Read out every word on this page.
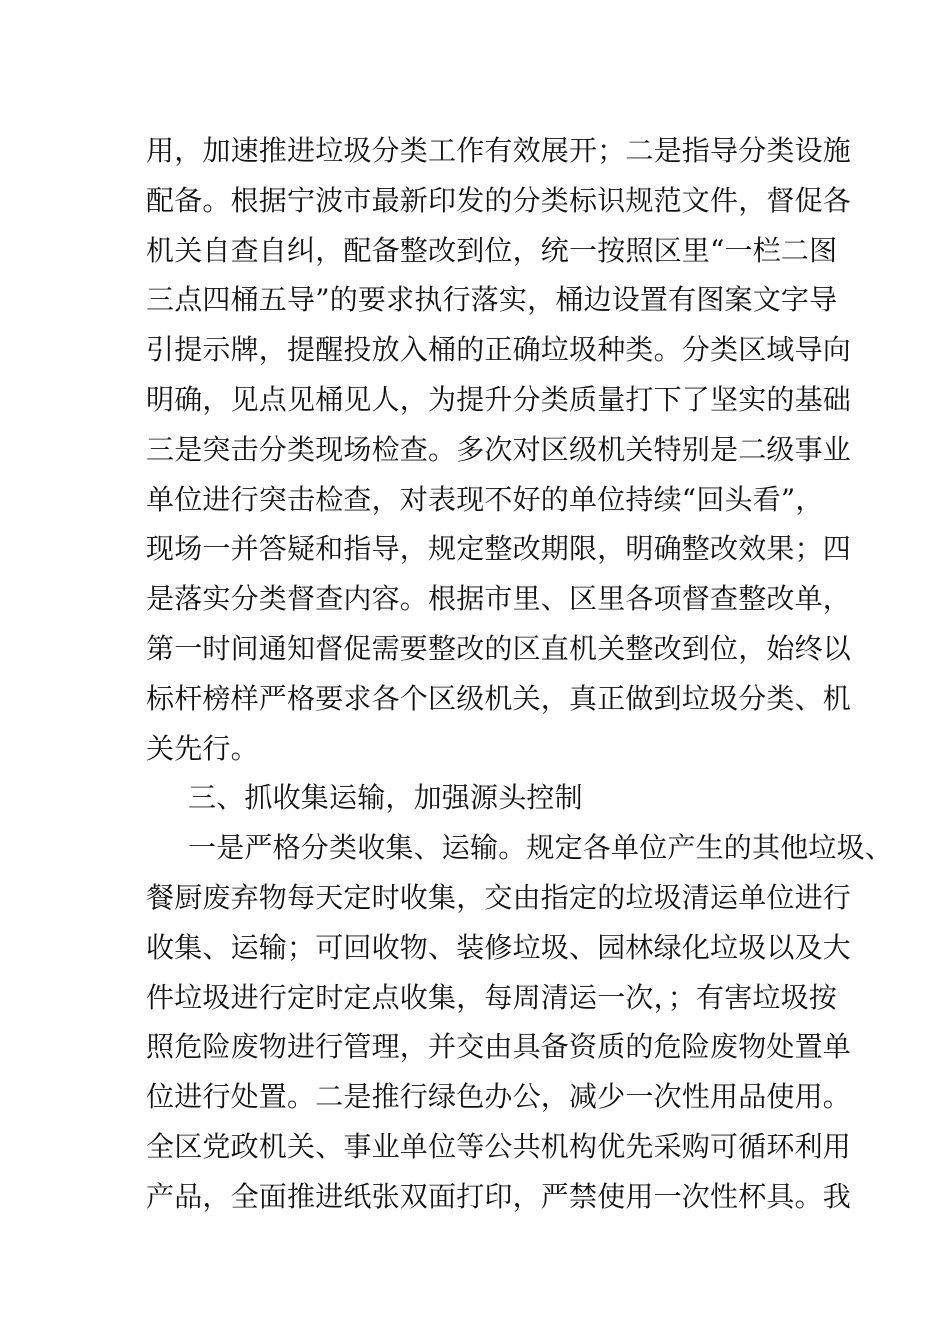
用，加速推进垃圾分类工作有效展开；二是指导分类设施
配备。根据宁波市最新印发的分类标识规范文件，督促各
机关自查自纠，配备整改到位，统一按照区里“一栏二图
三点四桶五导”的要求执行落实，桶边设置有图案文字导
引提示牌，提醒投放入桶的正确垃圾种类。分类区域导向
明确，见点见桶见人，为提升分类质量打下了坚实的基础
三是突击分类现场检查。多次对区级机关特别是二级事业
单位进行突击检查，对表现不好的单位持续“回头看”，
现场一并答疑和指导，规定整改期限，明确整改效果；四
是落实分类督查内容。根据市里、区里各项督查整改单，
第一时间通知督促需要整改的区直机关整改到位，始终以
标杆榜样严格要求各个区级机关，真正做到垃圾分类、机
关先行。
三、抓收集运输，加强源头控制
一是严格分类收集、运输。规定各单位产生的其他垃圾、
餐厨废弃物每天定时收集，交由指定的垃圾清运单位进行
收集、运输；可回收物、装修垃圾、园林绿化垃圾以及大
件垃圾进行定时定点收集，每周清运一次，；有害垃圾按
照危险废物进行管理，并交由具备资质的危险废物处置单
位进行处置。二是推行绿色办公，减少一次性用品使用。
全区党政机关、事业单位等公共机构优先采购可循环利用
产品，全面推进纸张双面打印，严禁使用一次性杯具。我
